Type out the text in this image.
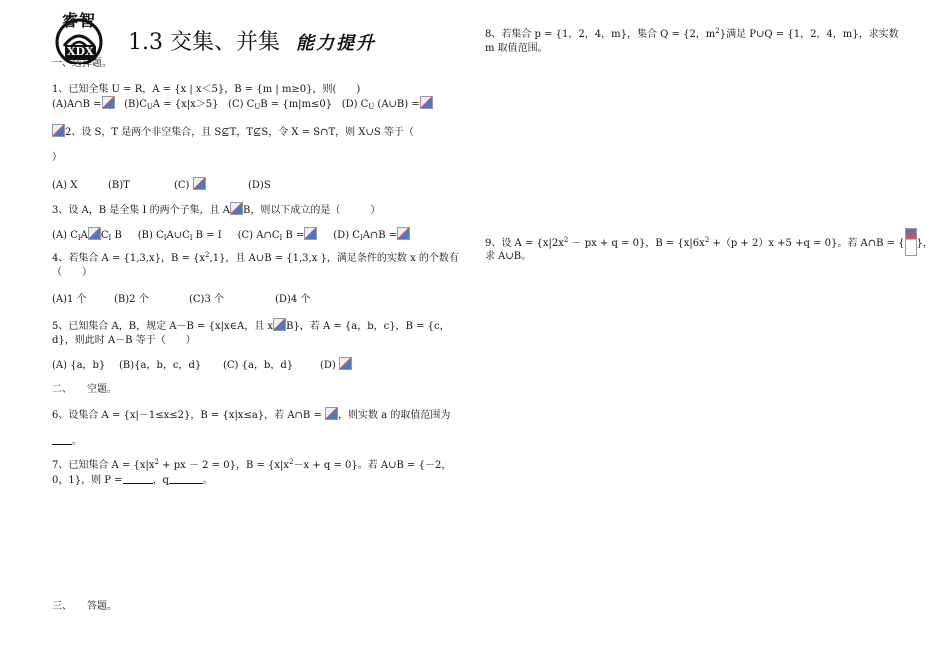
睿智
XDX 1.3 交集、并集 能力提升
一、选择题。
1、已知全集 U = R，A = {x | x＜5}，B = {m | m≥0}，则(　　)
(A)A∩B = $(B)C_UA = \{x|x>5\}$ (C) $C_UB = \{m|m\le 0\}$ (D) $C_U$ (A∪B) =
2、设 S，T 是两个非空集合，且 S⊈T，T⊈S，令 X = S∩T，则 X∪S 等于（
）
(A) X	(B)T	(C)	(D)S
3、设 A，B 是全集 I 的两个子集，且 A B，则以下成立的是（　　　）
(A) $C_IA$ $C_I$ B (B) $C_IA\cup C_I$ B = I (C) $A\cap C_I$ B =	(D) $C_IA\cap B$ =
4、若集合 A = {1,3,x}，$B = \{x^2,1\}$，且 A∪B = {1,3,x }，满足条件的实数 x 的个数有（　　）
(A)1 个	(B)2 个	(C)3 个	(D)4 个
5、已知集合 A，B，规定 A－B = {x|x∈A，且 x B}，若 A = {a，b，c}，B = {c，d}，则此时 A－B 等于（　　）
(A) {a，b} (B){a，b，c，d} (C) {a，b，d}	(D)
二、　　空题。
6、设集合 A = {x|－1≤x≤2}，B = {x|x≤a}，若 A∩B = ，则实数 a 的取值范围为
。
7、已知集合 $A = \{x|x^2$ + px － 2 = 0}，$B = \{x|x^2-x + q = 0\}$。若 A∪B = {－2，0，1}，则 P =	，q	。
三、　　答题。
8、若集合 p = {1，2，4，m}，集合 Q = {2，$m^2$}满足 P∪Q = {1，2，4，m}，求实数 m 取值范围。
9、设 $A = \{x|2x^2$ － px + q = 0}，$B = \{x|6x^2 +(p + 2)x +5 +q = 0\}$。若 A∩B = { }，
求 A∪B。
